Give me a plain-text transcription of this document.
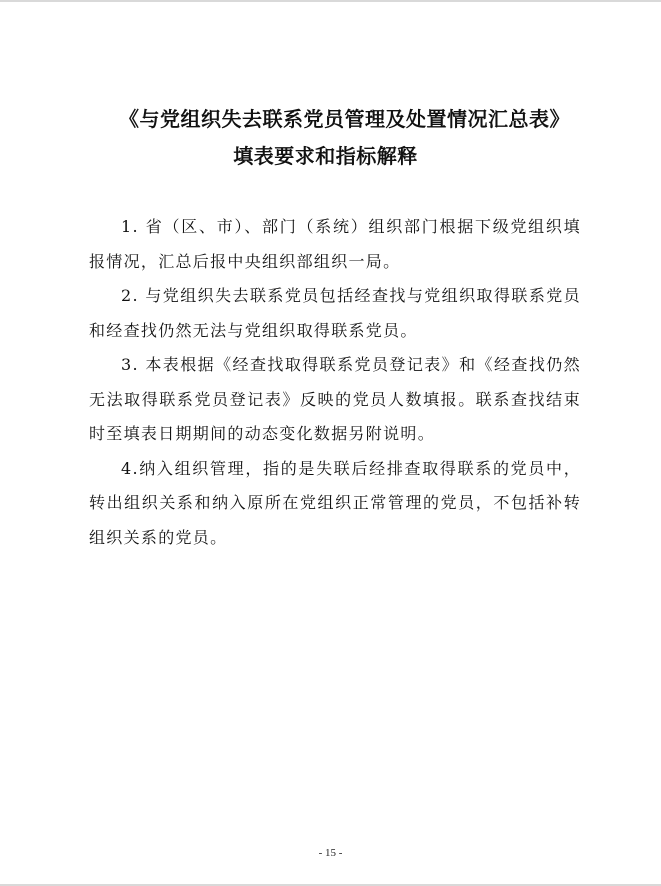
《与党组织失去联系党员管理及处置情况汇总表》
填表要求和指标解释

1. 省（区、市）、部门（系统）组织部门根据下级党组织填报情况，汇总后报中央组织部组织一局。

2. 与党组织失去联系党员包括经查找与党组织取得联系党员和经查找仍然无法与党组织取得联系党员。

3. 本表根据《经查找取得联系党员登记表》和《经查找仍然无法取得联系党员登记表》反映的党员人数填报。联系查找结束时至填表日期期间的动态变化数据另附说明。

4.纳入组织管理，指的是失联后经排查取得联系的党员中，转出组织关系和纳入原所在党组织正常管理的党员，不包括补转组织关系的党员。

- 15 -
